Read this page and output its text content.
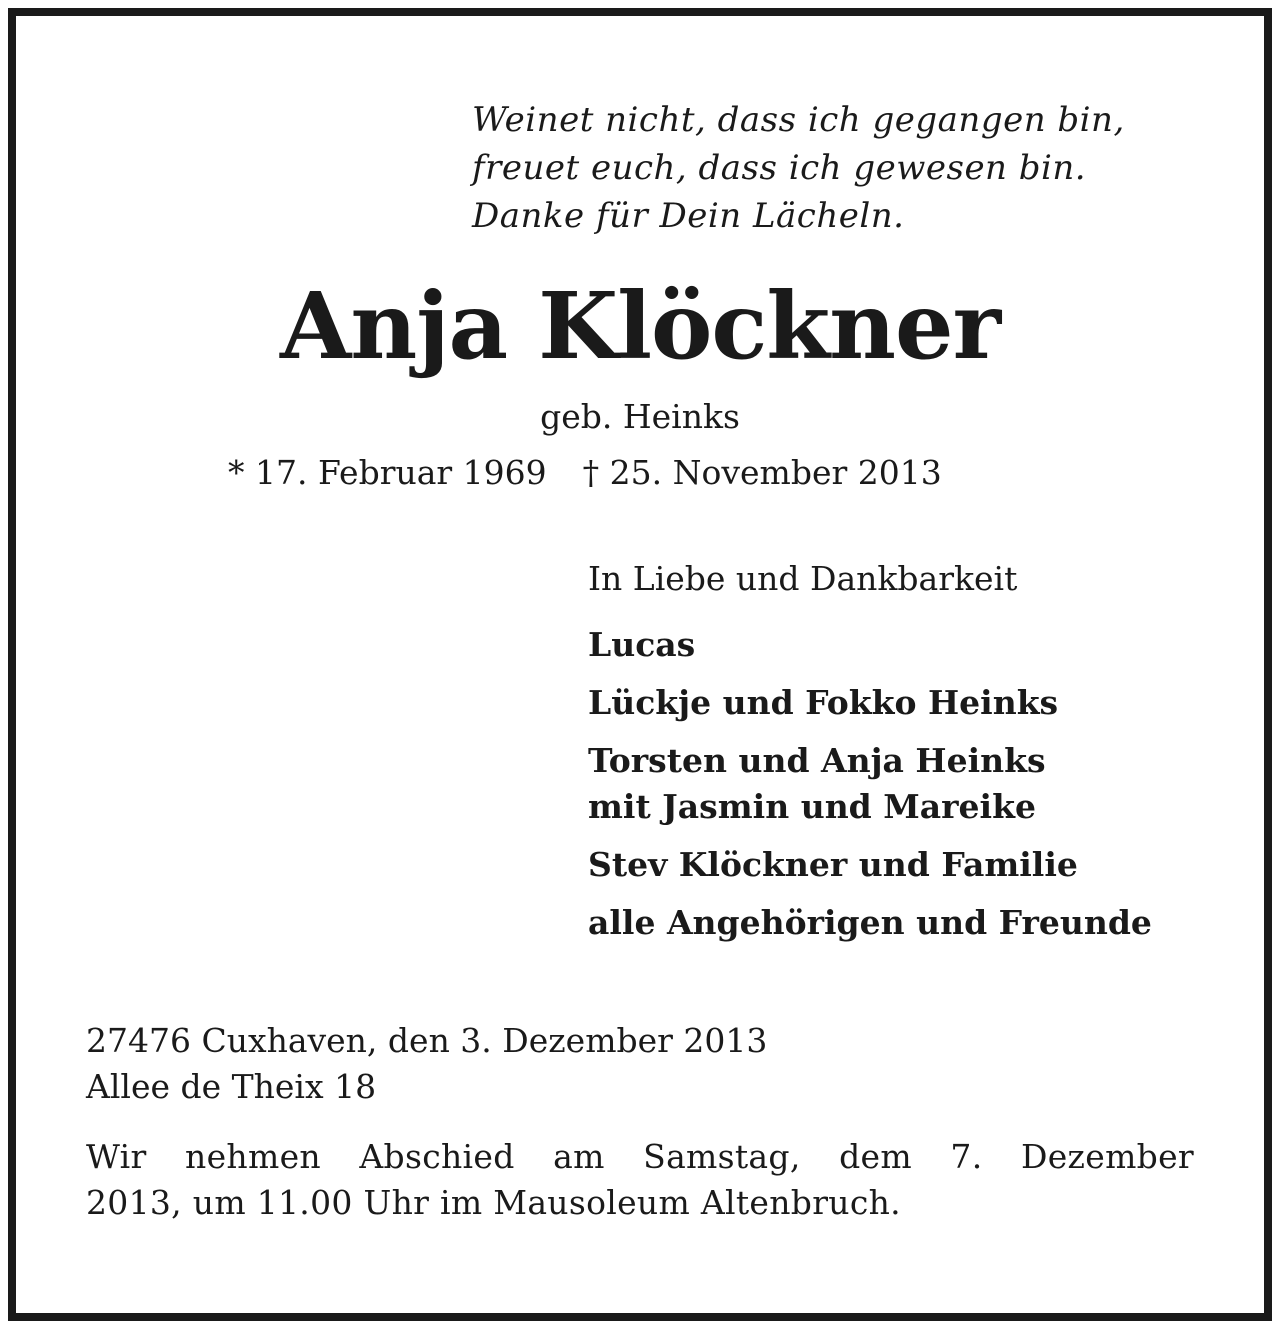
Weinet nicht, dass ich gegangen bin,
freuet euch, dass ich gewesen bin.
Danke für Dein Lächeln.
Anja Klöckner
geb. Heinks
* 17. Februar 1969 † 25. November 2013
In Liebe und Dankbarkeit
Lucas
Lückje und Fokko Heinks
Torsten und Anja Heinks
mit Jasmin und Mareike
Stev Klöckner und Familie
alle Angehörigen und Freunde
27476 Cuxhaven, den 3. Dezember 2013
Allee de Theix 18
Wir nehmen Abschied am Samstag, dem 7. Dezember
2013, um 11.00 Uhr im Mausoleum Altenbruch.
